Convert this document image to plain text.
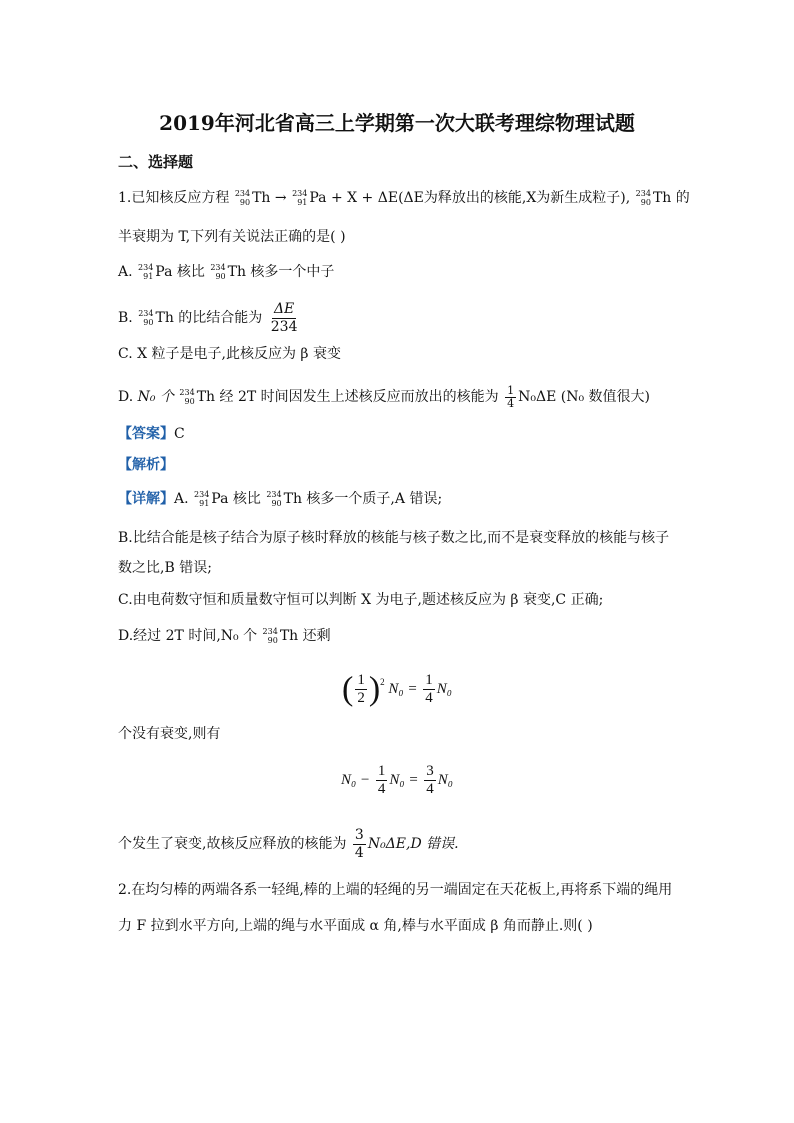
2019年河北省高三上学期第一次大联考理综物理试题
二、选择题
1.已知核反应方程 234
90 Th → 234
91 Pa + X + ΔE(ΔE为释放出的核能,X为新生成粒子), 234
90 Th 的
半衰期为 T,下列有关说法正确的是( )
A. 234
91 Pa 核比 234
90 Th 核多一个中子
B. 234
90 Th 的比结合能为 $\frac{\Delta E}{234}$
C. X 粒子是电子,此核反应为 β 衰变
D. N₀ 个 234
90 Th 经 2T 时间因发生上述核反应而放出的核能为 $\frac{1}{4} N_0\Delta E$ (N₀ 数值很大)
【答案】C
【解析】
【详解】A. 234
91 Pa 核比 234
90 Th 核多一个质子,A 错误;
B.比结合能是核子结合为原子核时释放的核能与核子数之比,而不是衰变释放的核能与核子
数之比,B 错误;
C.由电荷数守恒和质量数守恒可以判断 X 为电子,题述核反应为 β 衰变,C 正确;
D.经过 2T 时间,N₀ 个 234
90 Th 还剩
( $\frac{1}{2} )^2$ $N_0 = \frac{1}{4} N_0$
个没有衰变,则有
$N_0 - \frac{1}{4} N_0 = \frac{3}{4} N_0$
个发生了衰变,故核反应释放的核能为 $\frac{3}{4} N_0\Delta E,D$ 错误.
2.在均匀棒的两端各系一轻绳,棒的上端的轻绳的另一端固定在天花板上,再将系下端的绳用
力 F 拉到水平方向,上端的绳与水平面成 α 角,棒与水平面成 β 角而静止.则( )
